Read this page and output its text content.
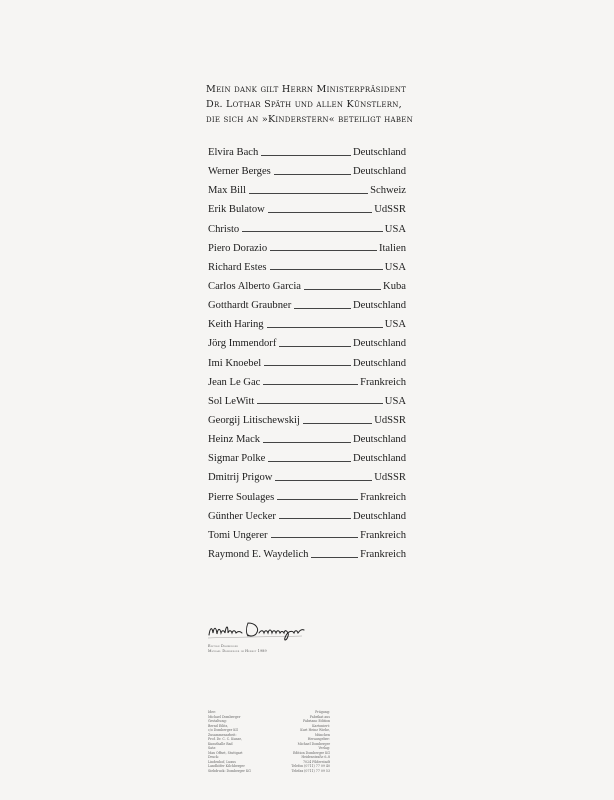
Mein dank gilt Herrn Ministerpräsident
Dr. Lothar Späth und allen Künstlern,
die sich an »Kinderstern« beteiligt haben
Elvira Bach	Deutschland
Werner Berges	Deutschland
Max Bill	Schweiz
Erik Bulatow	UdSSR
Christo	USA
Piero Dorazio	Italien
Richard Estes	USA
Carlos Alberto Garcia	Kuba
Gotthardt Graubner	Deutschland
Keith Haring	USA
Jörg Immendorf	Deutschland
Imi Knoebel	Deutschland
Jean Le Gac	Frankreich
Sol LeWitt	USA
Georgij Litischewskij	UdSSR
Heinz Mack	Deutschland
Sigmar Polke	Deutschland
Dmitrij Prigow	UdSSR
Pierre Soulages	Frankreich
Günther Uecker	Deutschland
Tomi Ungerer	Frankreich
Raymond E. Waydelich	Frankreich
Edition Domberger
Michael Domberger im Herbst 1989
Idee:
Michael Domberger
Gestaltung:
Bernd Eilitz,
c/o Domberger KG
Zusammenarbeit:
Prof. Dr. C. C. Kunze,
Kunsthalle Bad
Satz:
Max Offset, Stuttgart
Druck:
Lindenhof, Luxus
Landhöfer Kilchberger
Siebdruck: Domberger KG
Prägung:
Fabrikat aus
Fabriano Edition
Kartoniert:
Kurt Heinz Wiehe,
München
Herausgeber:
Michael Domberger
Verlag:
Edition Domberger KG
Heidenstraße 6–8
7024 Filderstadt
Telefon (0711) 77 09 40
Telefax (0711) 77 09 53
